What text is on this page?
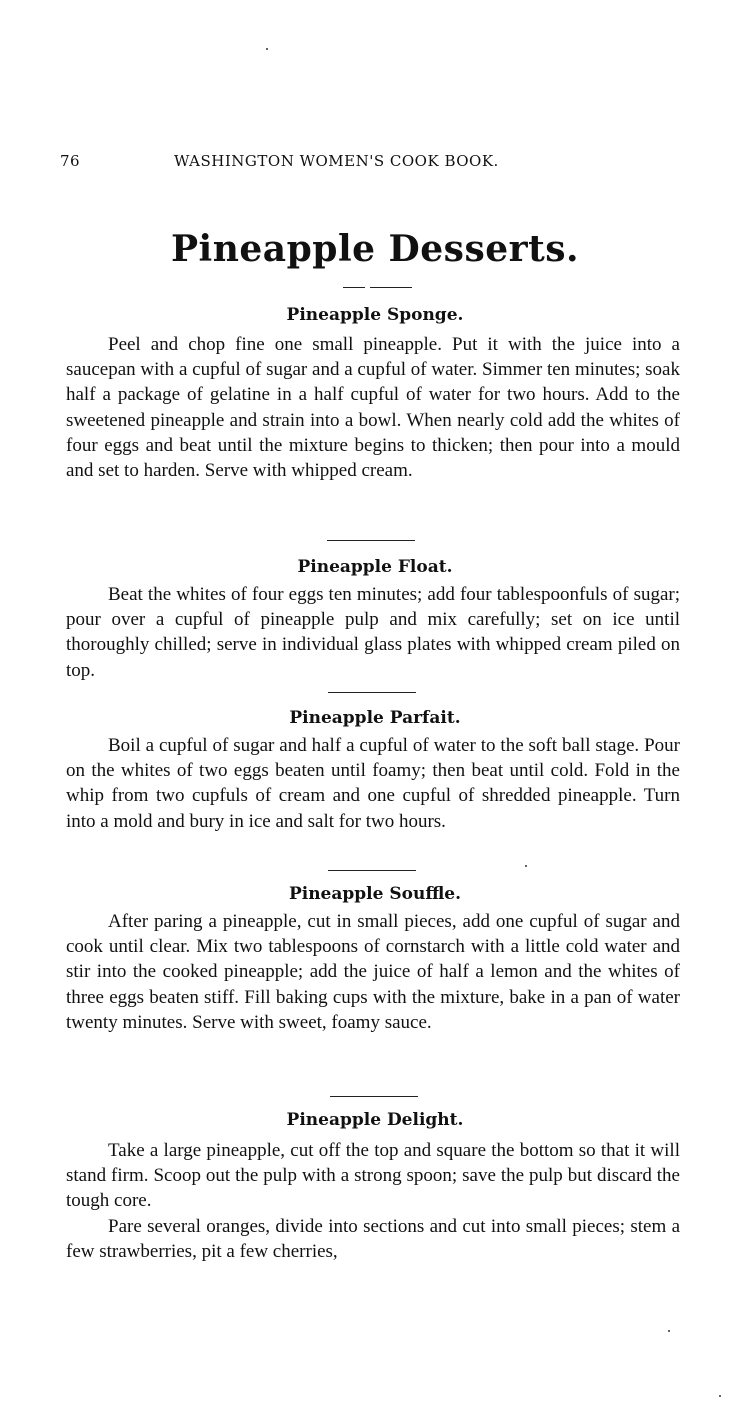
76	WASHINGTON WOMEN'S COOK BOOK.
Pineapple Desserts.
Pineapple Sponge.
Peel and chop fine one small pineapple. Put it with the juice into a saucepan with a cupful of sugar and a cupful of water. Simmer ten minutes; soak half a package of gelatine in a half cupful of water for two hours. Add to the sweetened pineapple and strain into a bowl. When nearly cold add the whites of four eggs and beat until the mixture begins to thicken; then pour into a mould and set to harden. Serve with whipped cream.
Pineapple Float.
Beat the whites of four eggs ten minutes; add four tablespoonfuls of sugar; pour over a cupful of pineapple pulp and mix carefully; set on ice until thoroughly chilled; serve in individual glass plates with whipped cream piled on top.
Pineapple Parfait.
Boil a cupful of sugar and half a cupful of water to the soft ball stage. Pour on the whites of two eggs beaten until foamy; then beat until cold. Fold in the whip from two cupfuls of cream and one cupful of shredded pineapple. Turn into a mold and bury in ice and salt for two hours.
Pineapple Souffle.
After paring a pineapple, cut in small pieces, add one cupful of sugar and cook until clear. Mix two tablespoons of cornstarch with a little cold water and stir into the cooked pineapple; add the juice of half a lemon and the whites of three eggs beaten stiff. Fill baking cups with the mixture, bake in a pan of water twenty minutes. Serve with sweet, foamy sauce.
Pineapple Delight.
Take a large pineapple, cut off the top and square the bottom so that it will stand firm. Scoop out the pulp with a strong spoon; save the pulp but discard the tough core.
Pare several oranges, divide into sections and cut into small pieces; stem a few strawberries, pit a few cherries,
